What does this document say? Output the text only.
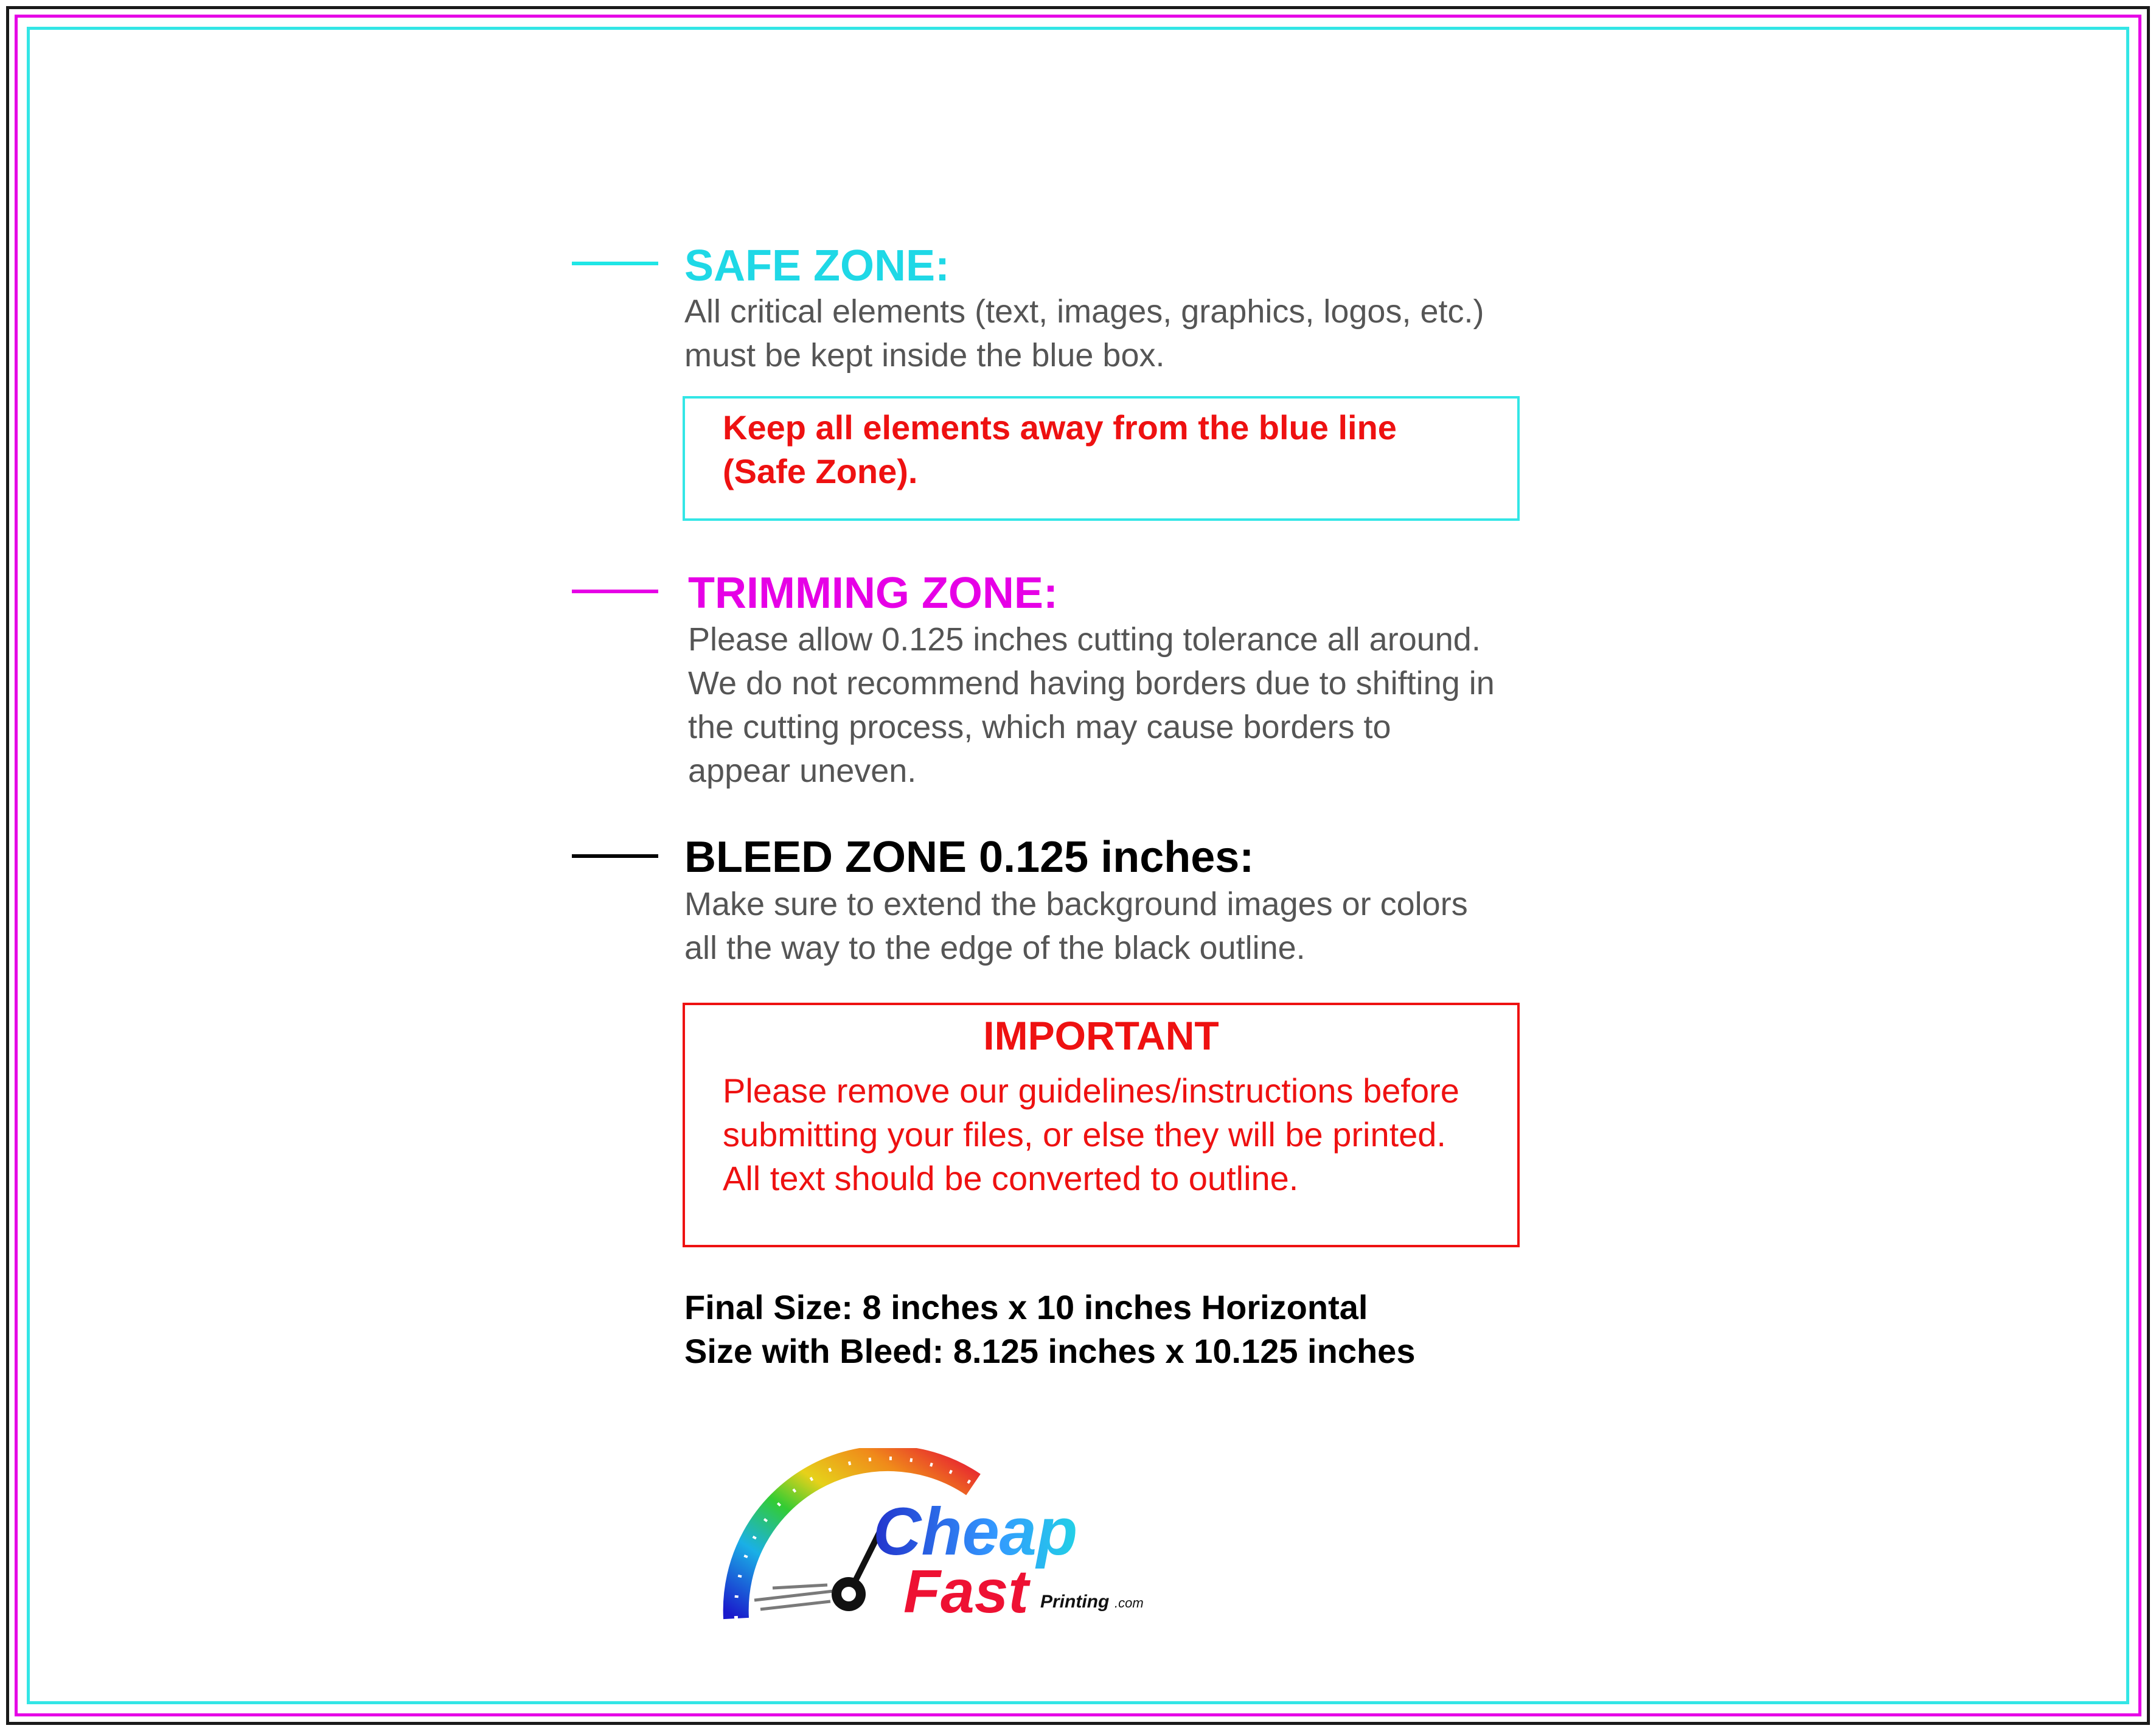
SAFE ZONE:
All critical elements (text, images, graphics, logos, etc.)
must be kept inside the blue box.
Keep all elements away from the blue line
(Safe Zone).
TRIMMING ZONE:
Please allow 0.125 inches cutting tolerance all around.
We do not recommend having borders due to shifting in
the cutting process, which may cause borders to
appear uneven.
BLEED ZONE 0.125 inches:
Make sure to extend the background images or colors
all the way to the edge of the black outline.
IMPORTANT
Please remove our guidelines/instructions before
submitting your files, or else they will be printed.
All text should be converted to outline.
Final Size: 8 inches x 10 inches Horizontal
Size with Bleed: 8.125 inches x 10.125 inches
Cheap
Fast Printing .com
